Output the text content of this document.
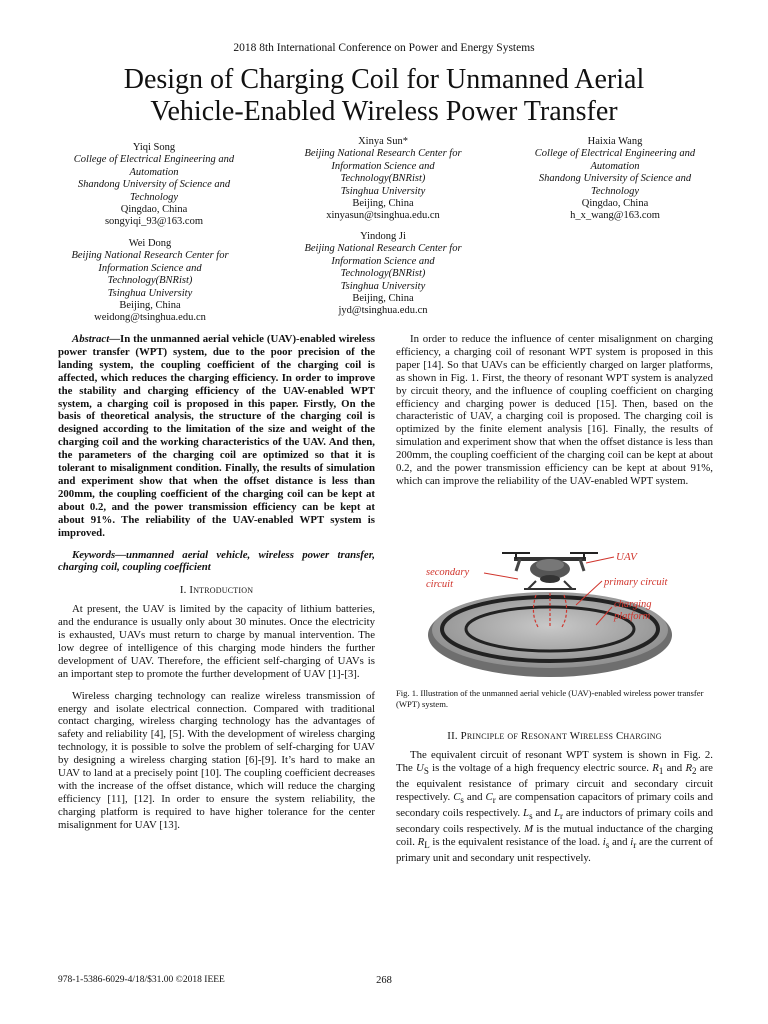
2018 8th International Conference on Power and Energy Systems
Design of Charging Coil for Unmanned Aerial
Vehicle-Enabled Wireless Power Transfer
Yiqi Song
College of Electrical Engineering and
Automation
Shandong University of Science and
Technology
Qingdao, China
songyiqi_93@163.com
Xinya Sun*
Beijing National Research Center for
Information Science and
Technology(BNRist)
Tsinghua University
Beijing, China
xinyasun@tsinghua.edu.cn
Haixia Wang
College of Electrical Engineering and
Automation
Shandong University of Science and
Technology
Qingdao, China
h_x_wang@163.com
Wei Dong
Beijing National Research Center for
Information Science and
Technology(BNRist)
Tsinghua University
Beijing, China
weidong@tsinghua.edu.cn
Yindong Ji
Beijing National Research Center for
Information Science and
Technology(BNRist)
Tsinghua University
Beijing, China
jyd@tsinghua.edu.cn

Abstract—In the unmanned aerial vehicle (UAV)-enabled wireless power transfer (WPT) system, due to the poor precision of the landing system, the coupling coefficient of the charging coil is affected, which reduces the charging efficiency. In order to improve the stability and charging efficiency of the UAV-enabled WPT system, a charging coil is proposed in this paper. Firstly, On the basis of theoretical analysis, the structure of the charging coil is designed according to the limitation of the size and weight of the charging coil and the working characteristics of the UAV. And then, the parameters of the charging coil are optimized so that it is tolerant to misalignment condition. Finally, the results of simulation and experiment show that when the offset distance is less than 200mm, the coupling coefficient of the charging coil can be kept at about 0.2, and the power transmission efficiency can be kept at about 91%. The reliability of the UAV-enabled WPT system is improved.

Keywords—unmanned aerial vehicle, wireless power transfer, charging coil, coupling coefficient

I. Introduction

At present, the UAV is limited by the capacity of lithium batteries, and the endurance is usually only about 30 minutes. Once the electricity is exhausted, UAVs must return to charge by manual intervention. The low degree of intelligence of this charging mode hinders the further development of UAV. Therefore, the efficient self-charging of UAVs is an important step to promote the further development of UAV [1]-[3].

Wireless charging technology can realize wireless transmission of energy and isolate electrical connection. Compared with traditional contact charging, wireless charging technology has the advantages of safety and reliability [4], [5]. With the development of wireless charging technology, it is possible to solve the problem of self-charging for UAV by designing a wireless charging station [6]-[9]. It’s hard to make an UAV to land at a precisely point [10]. The coupling coefficient decreases with the increase of the offset distance, which will reduce the charging efficiency [11], [12]. In order to ensure the system reliability, the charging platform is required to have higher tolerance for the center misalignment for UAV [13].

In order to reduce the influence of center misalignment on charging efficiency, a charging coil of resonant WPT system is proposed in this paper [14]. So that UAVs can be efficiently charged on larger platforms, as shown in Fig. 1. First, the theory of resonant WPT system is analyzed by circuit theory, and the influence of coupling coefficient on charging efficiency and charging power is deduced [15]. Then, based on the characteristic of UAV, a charging coil is proposed. The charging coil is optimized by the finite element analysis [16]. Finally, the results of simulation and experiment show that when the offset distance is less than 200mm, the coupling coefficient of the charging coil can be kept at about 0.2, and the power transmission efficiency can be kept at about 91%, which can improve the reliability of the UAV-enabled WPT system.

UAV
secondary circuit	primary circuit
charging platform
Fig. 1. Illustration of the unmanned aerial vehicle (UAV)-enabled wireless power transfer (WPT) system.
II. Principle of Resonant Wireless Charging

The equivalent circuit of resonant WPT system is shown in Fig. 2. The $U_S$ is the voltage of a high frequency electric source. $R_1$ and $R_2$ are the equivalent resistance of primary circuit and secondary circuit respectively. $C_s$ and $C_r$ are compensation capacitors of primary coils and secondary coils respectively. $L_s$ and $L_r$ are inductors of primary coils and secondary coils respectively. M is the mutual inductance of the charging coil. $R_L$ is the equivalent resistance of the load. $i_s$ and $i_r$ are the current of primary unit and secondary unit respectively.

978-1-5386-6029-4/18/$31.00 ©2018 IEEE	268
